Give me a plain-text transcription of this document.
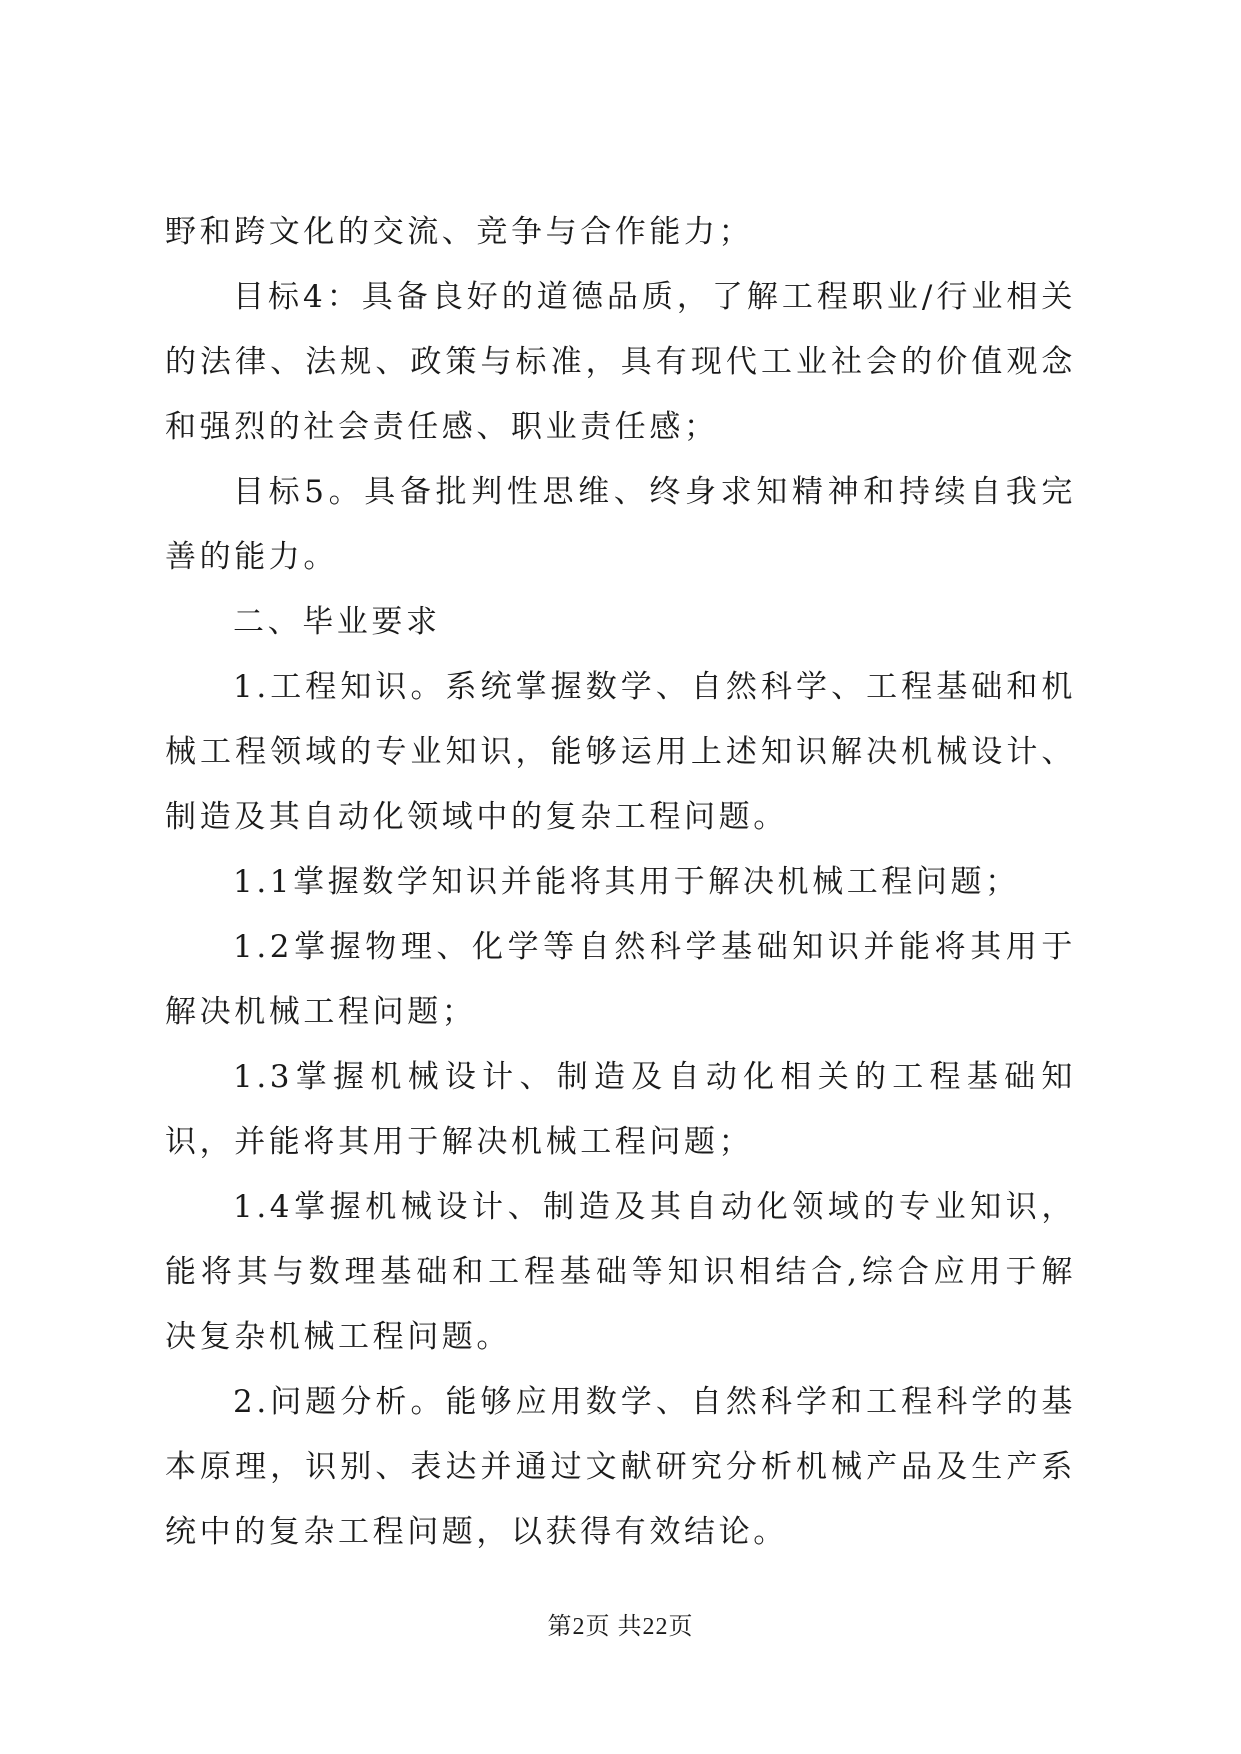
野和跨文化的交流、竞争与合作能力；

目标4：具备良好的道德品质，了解工程职业/行业相关的法律、法规、政策与标准，具有现代工业社会的价值观念和强烈的社会责任感、职业责任感；

目标5。具备批判性思维、终身求知精神和持续自我完善的能力。

二、毕业要求

1.工程知识。系统掌握数学、自然科学、工程基础和机械工程领域的专业知识，能够运用上述知识解决机械设计、制造及其自动化领域中的复杂工程问题。

1.1掌握数学知识并能将其用于解决机械工程问题；

1.2掌握物理、化学等自然科学基础知识并能将其用于解决机械工程问题；

1.3掌握机械设计、制造及自动化相关的工程基础知识，并能将其用于解决机械工程问题；

1.4掌握机械设计、制造及其自动化领域的专业知识，能将其与数理基础和工程基础等知识相结合,综合应用于解决复杂机械工程问题。

2.问题分析。能够应用数学、自然科学和工程科学的基本原理，识别、表达并通过文献研究分析机械产品及生产系统中的复杂工程问题，以获得有效结论。

第2页 共22页
